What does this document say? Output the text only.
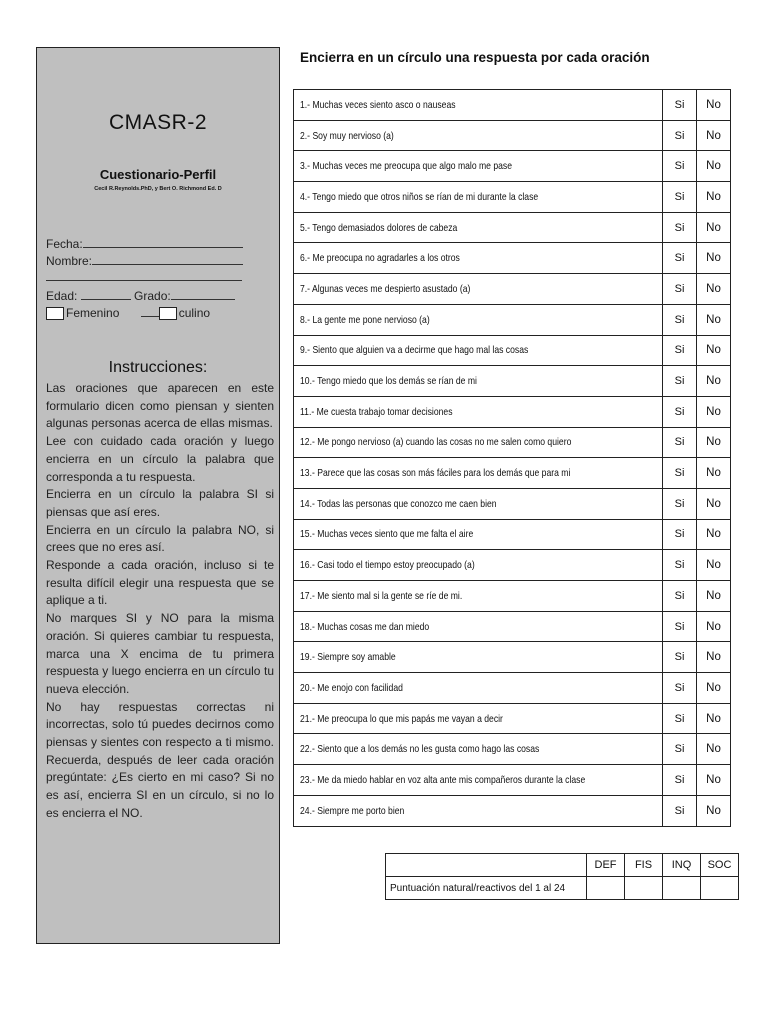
CMASR-2
Cuestionario-Perfil
Cecil R.Reynolds.PhD, y Bert O. Richmond Ed. D
Fecha:
Nombre:
Edad:	Grado:
Femenino	culino
Instrucciones:

Las oraciones que aparecen en este formulario dicen como piensan y sienten algunas personas acerca de ellas mismas.

Lee con cuidado cada oración y luego encierra en un círculo la palabra que corresponda a tu respuesta.

Encierra en un círculo la palabra SI si piensas que así eres.

Encierra en un círculo la palabra NO, si crees que no eres así.

Responde a cada oración, incluso si te resulta difícil elegir una respuesta que se aplique a ti.

No marques SI y NO para la misma oración. Si quieres cambiar tu respuesta, marca una X encima de tu primera respuesta y luego encierra en un círculo tu nueva elección.

No hay respuestas correctas ni incorrectas, solo tú puedes decirnos como piensas y sientes con respecto a ti mismo. Recuerda, después de leer cada oración pregúntate: ¿Es cierto en mi caso? Si no es así, encierra SI en un círculo, si no lo es encierra el NO.

Encierra en un círculo una respuesta por cada oración
1.- Muchas veces siento asco o nauseas	Si	No
2.- Soy muy nervioso (a)	Si	No
3.- Muchas veces me preocupa que algo malo me pase	Si	No
4.- Tengo miedo que otros niños se rían de mi durante la clase	Si	No
5.- Tengo demasiados dolores de cabeza	Si	No
6.- Me preocupa no agradarles a los otros	Si	No
7.- Algunas veces me despierto asustado (a)	Si	No
8.- La gente me pone nervioso (a)	Si	No
9.- Siento que alguien va a decirme que hago mal las cosas	Si	No
10.- Tengo miedo que los demás se rían de mi	Si	No
11.- Me cuesta trabajo tomar decisiones	Si	No
12.- Me pongo nervioso (a) cuando las cosas no me salen como quiero	Si	No
13.- Parece que las cosas son más fáciles para los demás que para mi	Si	No
14.- Todas las personas que conozco me caen bien	Si	No
15.- Muchas veces siento que me falta el aire	Si	No
16.- Casi todo el tiempo estoy preocupado (a)	Si	No
17.- Me siento mal si la gente se ríe de mi.	Si	No
18.- Muchas cosas me dan miedo	Si	No
19.- Siempre soy amable	Si	No
20.- Me enojo con facilidad	Si	No
21.- Me preocupa lo que mis papás me vayan a decir	Si	No
22.- Siento que a los demás no les gusta como hago las cosas	Si	No
23.- Me da miedo hablar en voz alta ante mis compañeros durante la clase	Si	No
24.- Siempre me porto bien	Si	No
	DEF	FIS	INQ	SOC
Puntuación natural/reactivos del 1 al 24				
